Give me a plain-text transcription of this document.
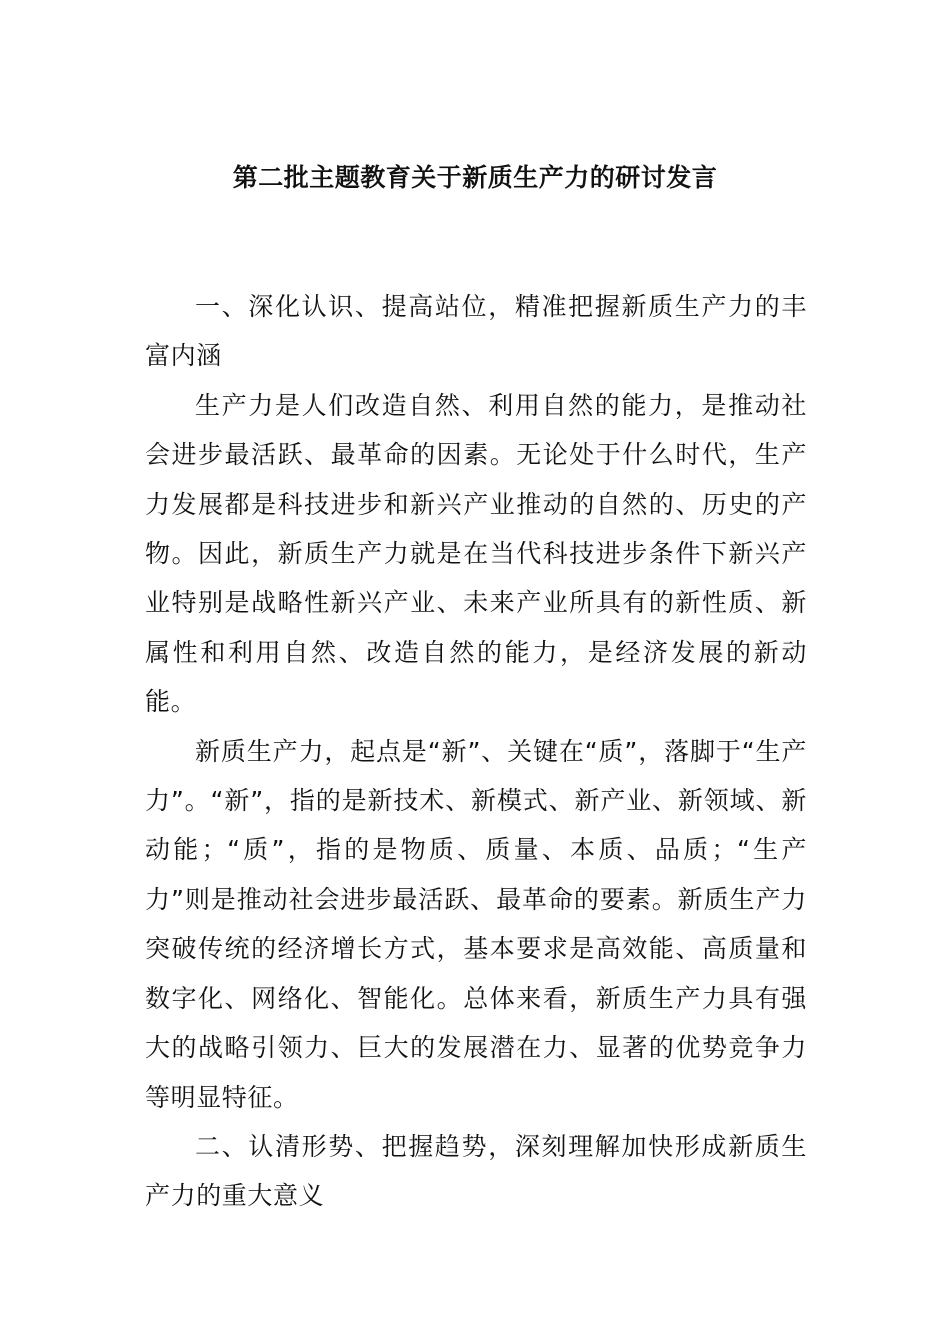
第二批主题教育关于新质生产力的研讨发言

一、深化认识、提高站位，精准把握新质生产力的丰富内涵

生产力是人们改造自然、利用自然的能力，是推动社会进步最活跃、最革命的因素。无论处于什么时代，生产力发展都是科技进步和新兴产业推动的自然的、历史的产物。因此，新质生产力就是在当代科技进步条件下新兴产业特别是战略性新兴产业、未来产业所具有的新性质、新属性和利用自然、改造自然的能力，是经济发展的新动能。

新质生产力，起点是“新”、关键在“质”，落脚于“生产力”。“新”，指的是新技术、新模式、新产业、新领域、新动能；“质”，指的是物质、质量、本质、品质；“生产力”则是推动社会进步最活跃、最革命的要素。新质生产力突破传统的经济增长方式，基本要求是高效能、高质量和数字化、网络化、智能化。总体来看，新质生产力具有强大的战略引领力、巨大的发展潜在力、显著的优势竞争力等明显特征。

二、认清形势、把握趋势，深刻理解加快形成新质生产力的重大意义
